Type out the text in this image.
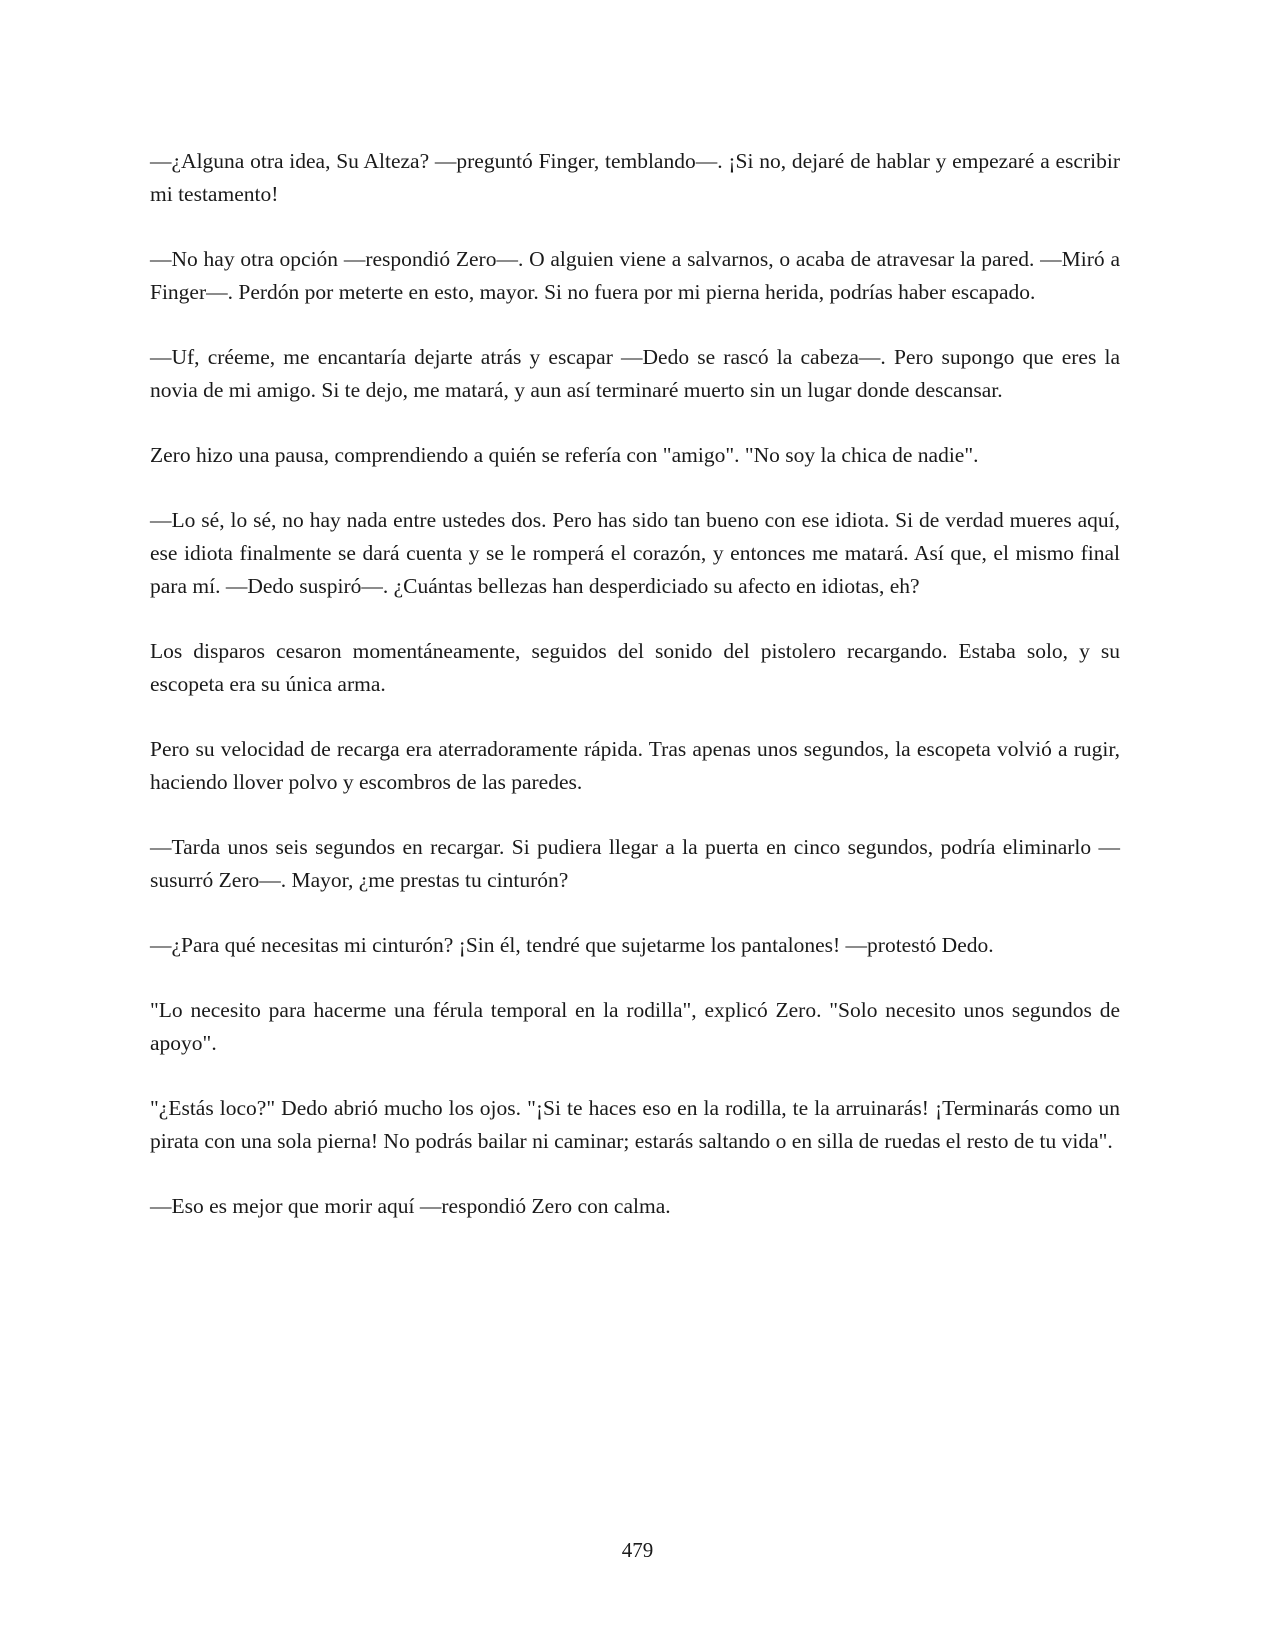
—¿Alguna otra idea, Su Alteza? —preguntó Finger, temblando—. ¡Si no, dejaré de hablar y empezaré a escribir mi testamento!

—No hay otra opción —respondió Zero—. O alguien viene a salvarnos, o acaba de atravesar la pared. —Miró a Finger—. Perdón por meterte en esto, mayor. Si no fuera por mi pierna herida, podrías haber escapado.

—Uf, créeme, me encantaría dejarte atrás y escapar —Dedo se rascó la cabeza—. Pero supongo que eres la novia de mi amigo. Si te dejo, me matará, y aun así terminaré muerto sin un lugar donde descansar.

Zero hizo una pausa, comprendiendo a quién se refería con "amigo". "No soy la chica de nadie".

—Lo sé, lo sé, no hay nada entre ustedes dos. Pero has sido tan bueno con ese idiota. Si de verdad mueres aquí, ese idiota finalmente se dará cuenta y se le romperá el corazón, y entonces me matará. Así que, el mismo final para mí. —Dedo suspiró—. ¿Cuántas bellezas han desperdiciado su afecto en idiotas, eh?

Los disparos cesaron momentáneamente, seguidos del sonido del pistolero recargando. Estaba solo, y su escopeta era su única arma.

Pero su velocidad de recarga era aterradoramente rápida. Tras apenas unos segundos, la escopeta volvió a rugir, haciendo llover polvo y escombros de las paredes.

—Tarda unos seis segundos en recargar. Si pudiera llegar a la puerta en cinco segundos, podría eliminarlo —susurró Zero—. Mayor, ¿me prestas tu cinturón?

—¿Para qué necesitas mi cinturón? ¡Sin él, tendré que sujetarme los pantalones! —protestó Dedo.

"Lo necesito para hacerme una férula temporal en la rodilla", explicó Zero. "Solo necesito unos segundos de apoyo".

"¿Estás loco?" Dedo abrió mucho los ojos. "¡Si te haces eso en la rodilla, te la arruinarás! ¡Terminarás como un pirata con una sola pierna! No podrás bailar ni caminar; estarás saltando o en silla de ruedas el resto de tu vida".

—Eso es mejor que morir aquí —respondió Zero con calma.

479
